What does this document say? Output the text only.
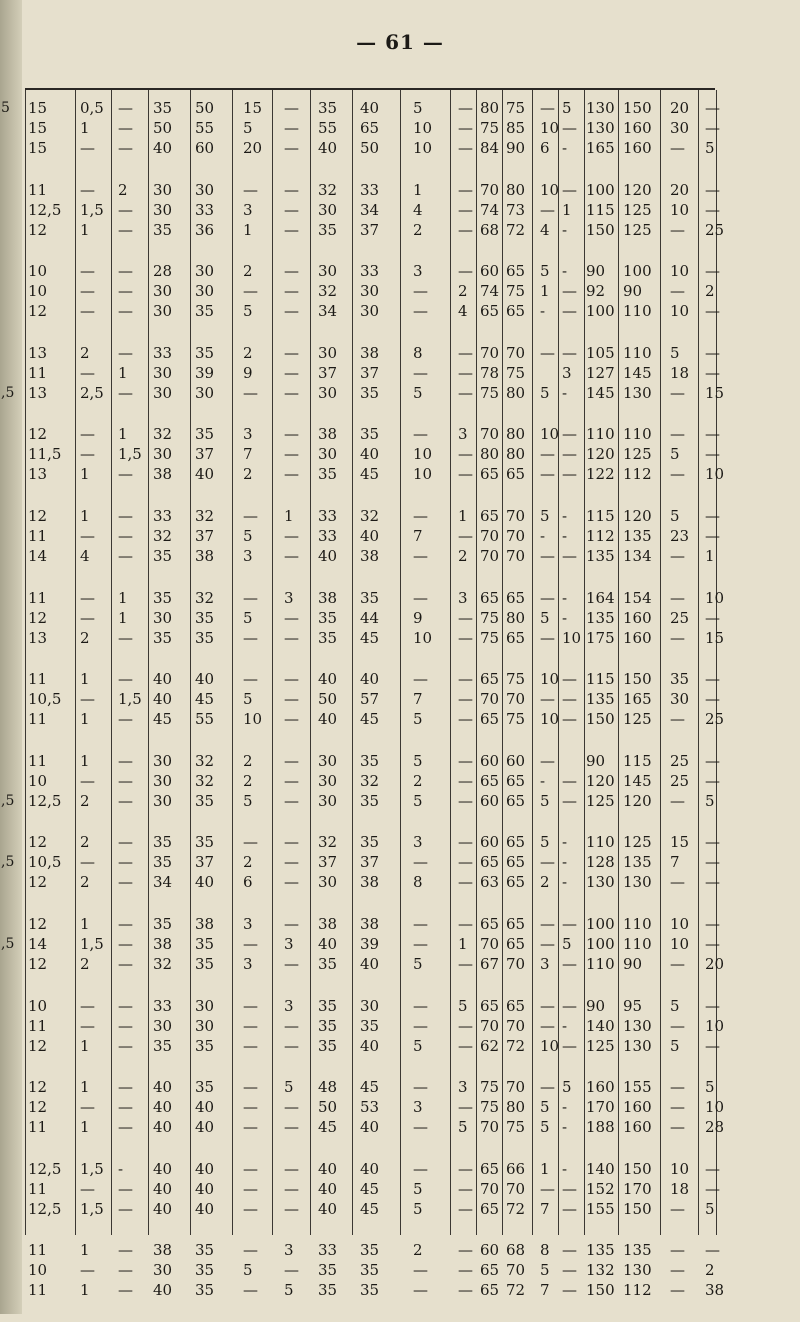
— 61 —
5 15 0,5 — 35 50 15 — 35 40 5 — 80 75 — 5 130 150 20 —
15 1 — 50 55 5 — 55 65 10 — 75 85 10 — 130 160 30 —
15 — — 40 60 20 — 40 50 10 — 84 90 6 - 165 160 — 5
11 — 2 30 30 — — 32 33 1 — 70 80 10 — 100 120 20 —
12,5 1,5 — 30 33 3 — 30 34 4 — 74 73 — 1 115 125 10 —
12 1 — 35 36 1 — 35 37 2 — 68 72 4 - 150 125 — 25
10 — — 28 30 2 — 30 33 3 — 60 65 5 - 90 100 10 —
10 — — 30 30 — — 32 30 — 2 74 75 1 — 92 90 — 2
12 — — 30 35 5 — 34 30 — 4 65 65 - — 100 110 10 —
13 2 — 33 35 2 — 30 38 8 — 70 70 — — 105 110 5 —
11 — 1 30 39 9 — 37 37 — — 78 75 3 127 145 18 —
,5 13 2,5 — 30 30 — — 30 35 5 — 75 80 5 - 145 130 — 15
12 — 1 32 35 3 — 38 35 — 3 70 80 10 — 110 110 — —
11,5 — 1,5 30 37 7 — 30 40 10 — 80 80 — — 120 125 5 —
13 1 — 38 40 2 — 35 45 10 — 65 65 — — 122 112 — 10
12 1 — 33 32 — 1 33 32 — 1 65 70 5 - 115 120 5 —
11 — — 32 37 5 — 33 40 7 — 70 70 - - 112 135 23 —
14 4 — 35 38 3 — 40 38 — 2 70 70 — — 135 134 — 1
11 — 1 35 32 — 3 38 35 — 3 65 65 — - 164 154 — 10
12 — 1 30 35 5 — 35 44 9 — 75 80 5 - 135 160 25 —
13 2 — 35 35 — — 35 45 10 — 75 65 — 10 175 160 — 15
11 1 — 40 40 — — 40 40 — — 65 75 10 — 115 150 35 —
10,5 — 1,5 40 45 5 — 50 57 7 — 70 70 — — 135 165 30 —
11 1 — 45 55 10 — 40 45 5 — 65 75 10 — 150 125 — 25
11 1 — 30 32 2 — 30 35 5 — 60 60 — 90 115 25 —
10 — — 30 32 2 — 30 32 2 — 65 65 - — 120 145 25 —
,5 12,5 2 — 30 35 5 — 30 35 5 — 60 65 5 — 125 120 — 5
12 2 — 35 35 — — 32 35 3 — 60 65 5 - 110 125 15 —
,5 10,5 — — 35 37 2 — 37 37 — — 65 65 — - 128 135 7 —
12 2 — 34 40 6 — 30 38 8 — 63 65 2 - 130 130 — —
12 1 — 35 38 3 — 38 38 — — 65 65 — — 100 110 10 —
,5 14 1,5 — 38 35 — 3 40 39 — 1 70 65 — 5 100 110 10 —
12 2 — 32 35 3 — 35 40 5 — 67 70 3 — 110 90 — 20
10 — — 33 30 — 3 35 30 — 5 65 65 — — 90 95 5 —
11 — — 30 30 — — 35 35 — — 70 70 — - 140 130 — 10
12 1 — 35 35 — — 35 40 5 — 62 72 10 — 125 130 5 —
12 1 — 40 35 — 5 48 45 — 3 75 70 — 5 160 155 — 5
12 — — 40 40 — — 50 53 3 — 75 80 5 - 170 160 — 10
11 1 — 40 40 — — 45 40 — 5 70 75 5 - 188 160 — 28
12,5 1,5 - 40 40 — — 40 40 — — 65 66 1 - 140 150 10 —
11 — — 40 40 — — 40 45 5 — 70 70 — — 152 170 18 —
12,5 1,5 — 40 40 — — 40 45 5 — 65 72 7 — 155 150 — 5
11 1 — 38 35 — 3 33 35 2 — 60 68 8 — 135 135 — —
10 — — 30 35 5 — 35 35 — — 65 70 5 — 132 130 — 2
11 1 — 40 35 — 5 35 35 — — 65 72 7 — 150 112 — 38
